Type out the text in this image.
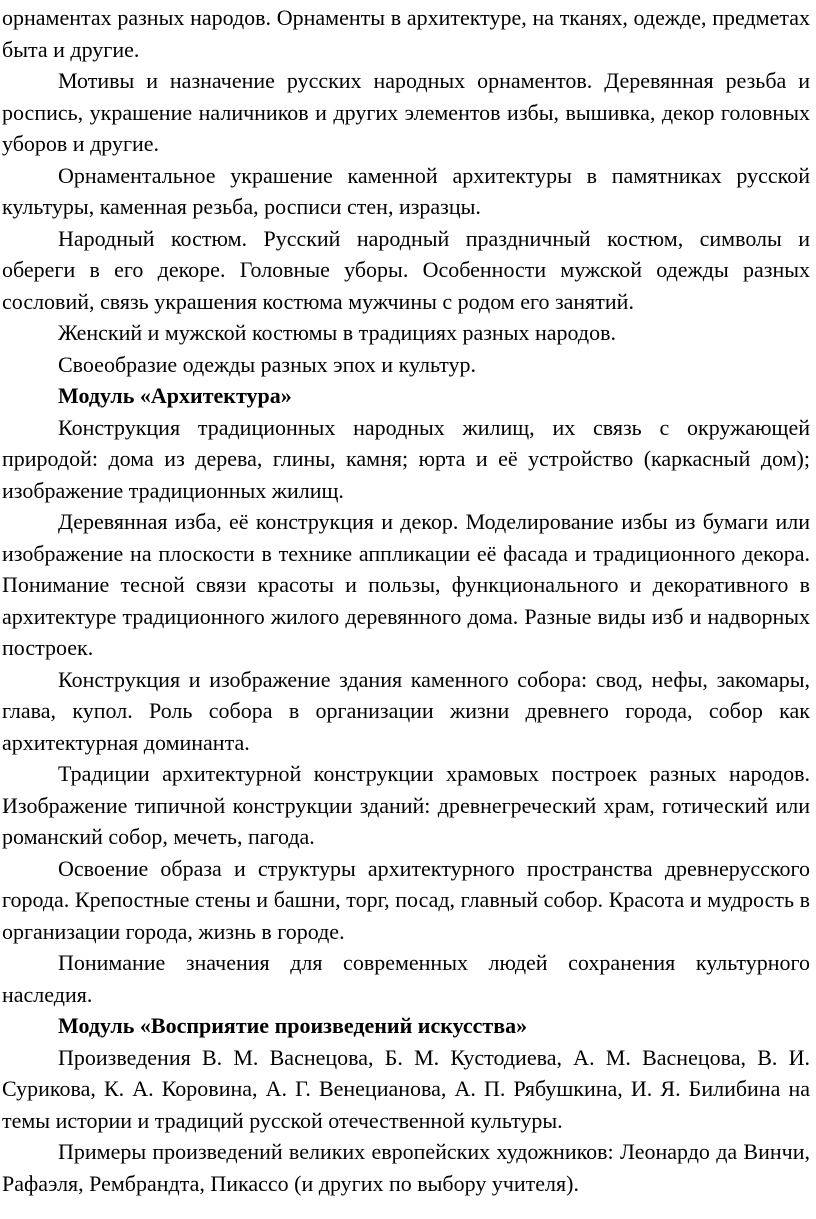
орнаментах разных народов. Орнаменты в архитектуре, на тканях, одежде, предметах быта и другие.

Мотивы и назначение русских народных орнаментов. Деревянная резьба и роспись, украшение наличников и других элементов избы, вышивка, декор головных уборов и другие.

Орнаментальное украшение каменной архитектуры в памятниках русской культуры, каменная резьба, росписи стен, изразцы.

Народный костюм. Русский народный праздничный костюм, символы и обереги в его декоре. Головные уборы. Особенности мужской одежды разных сословий, связь украшения костюма мужчины с родом его занятий.

Женский и мужской костюмы в традициях разных народов.

Своеобразие одежды разных эпох и культур.

Модуль «Архитектура»

Конструкция традиционных народных жилищ, их связь с окружающей природой: дома из дерева, глины, камня; юрта и её устройство (каркасный дом); изображение традиционных жилищ.

Деревянная изба, её конструкция и декор. Моделирование избы из бумаги или изображение на плоскости в технике аппликации её фасада и традиционного декора. Понимание тесной связи красоты и пользы, функционального и декоративного в архитектуре традиционного жилого деревянного дома. Разные виды изб и надворных построек.

Конструкция и изображение здания каменного собора: свод, нефы, закомары, глава, купол. Роль собора в организации жизни древнего города, собор как архитектурная доминанта.

Традиции архитектурной конструкции храмовых построек разных народов. Изображение типичной конструкции зданий: древнегреческий храм, готический или романский собор, мечеть, пагода.

Освоение образа и структуры архитектурного пространства древнерусского города. Крепостные стены и башни, торг, посад, главный собор. Красота и мудрость в организации города, жизнь в городе.

Понимание значения для современных людей сохранения культурного наследия.

Модуль «Восприятие произведений искусства»

Произведения В. М. Васнецова, Б. М. Кустодиева, А. М. Васнецова, В. И. Сурикова, К. А. Коровина, А. Г. Венецианова, А. П. Рябушкина, И. Я. Билибина на темы истории и традиций русской отечественной культуры.

Примеры произведений великих европейских художников: Леонардо да Винчи, Рафаэля, Рембрандта, Пикассо (и других по выбору учителя).
